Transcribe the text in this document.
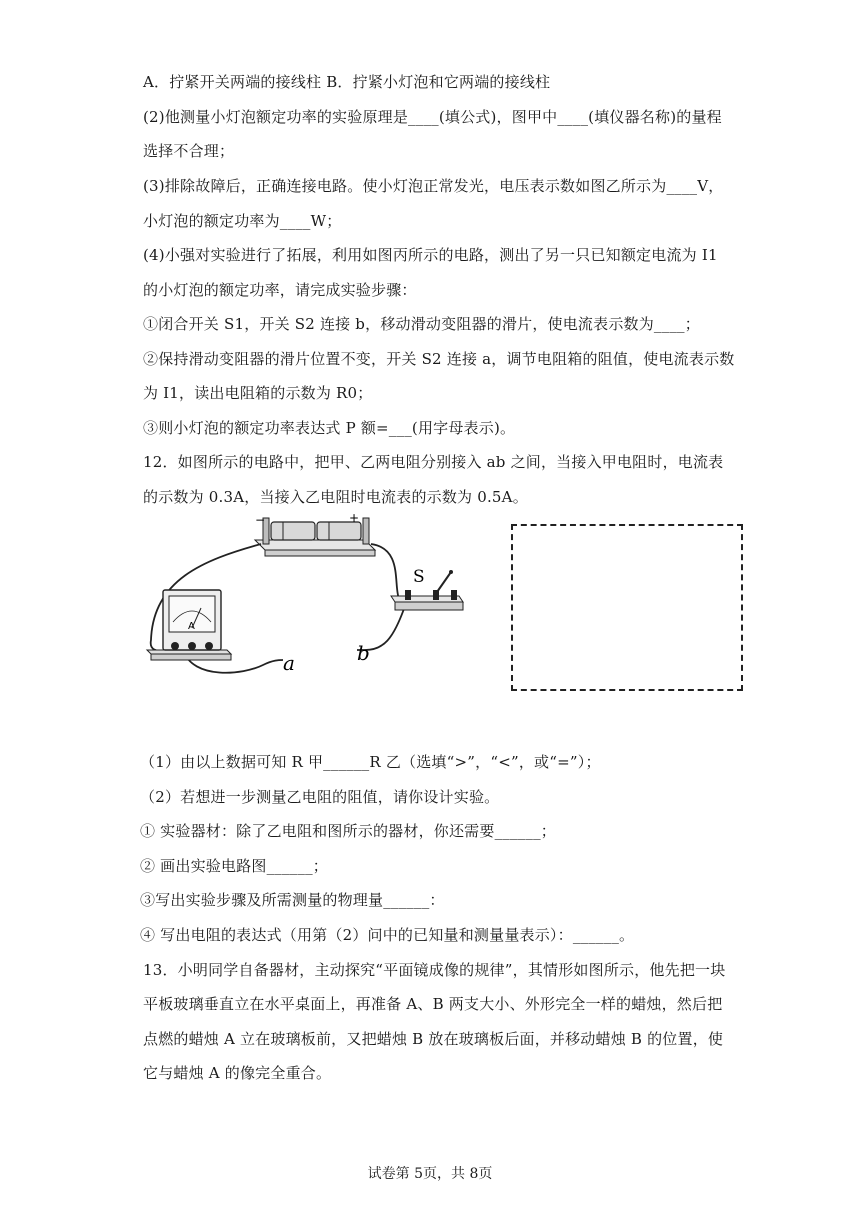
A．拧紧开关两端的接线柱 B．拧紧小灯泡和它两端的接线柱
(2)他测量小灯泡额定功率的实验原理是____(填公式)，图甲中____(填仪器名称)的量程
选择不合理；
(3)排除故障后，正确连接电路。使小灯泡正常发光，电压表示数如图乙所示为____V，
小灯泡的额定功率为____W；
(4)小强对实验进行了拓展，利用如图丙所示的电路，测出了另一只已知额定电流为 I1
的小灯泡的额定功率，请完成实验步骤：
①闭合开关 S1，开关 S2 连接 b，移动滑动变阻器的滑片，使电流表示数为____；
②保持滑动变阻器的滑片位置不变，开关 S2 连接 a，调节电阻箱的阻值，使电流表示数
为 I1，读出电阻箱的示数为 R0；
③则小灯泡的额定功率表达式 P 额=___(用字母表示)。
12．如图所示的电路中，把甲、乙两电阻分别接入 ab 之间，当接入甲电阻时，电流表
的示数为 0.3A，当接入乙电阻时电流表的示数为 0.5A。
−	+
A
S
a	b
（1）由以上数据可知 R 甲______R 乙（选填“>”，“<”，或“=”）；
（2）若想进一步测量乙电阻的阻值，请你设计实验。
① 实验器材：除了乙电阻和图所示的器材，你还需要______；
② 画出实验电路图______；
③写出实验步骤及所需测量的物理量______：
④ 写出电阻的表达式（用第（2）问中的已知量和测量量表示）：______。
13．小明同学自备器材，主动探究“平面镜成像的规律”，其情形如图所示，他先把一块
平板玻璃垂直立在水平桌面上，再准备 A、B 两支大小、外形完全一样的蜡烛，然后把
点燃的蜡烛 A 立在玻璃板前，又把蜡烛 B 放在玻璃板后面，并移动蜡烛 B 的位置，使
它与蜡烛 A 的像完全重合。
试卷第 5页，共 8页
